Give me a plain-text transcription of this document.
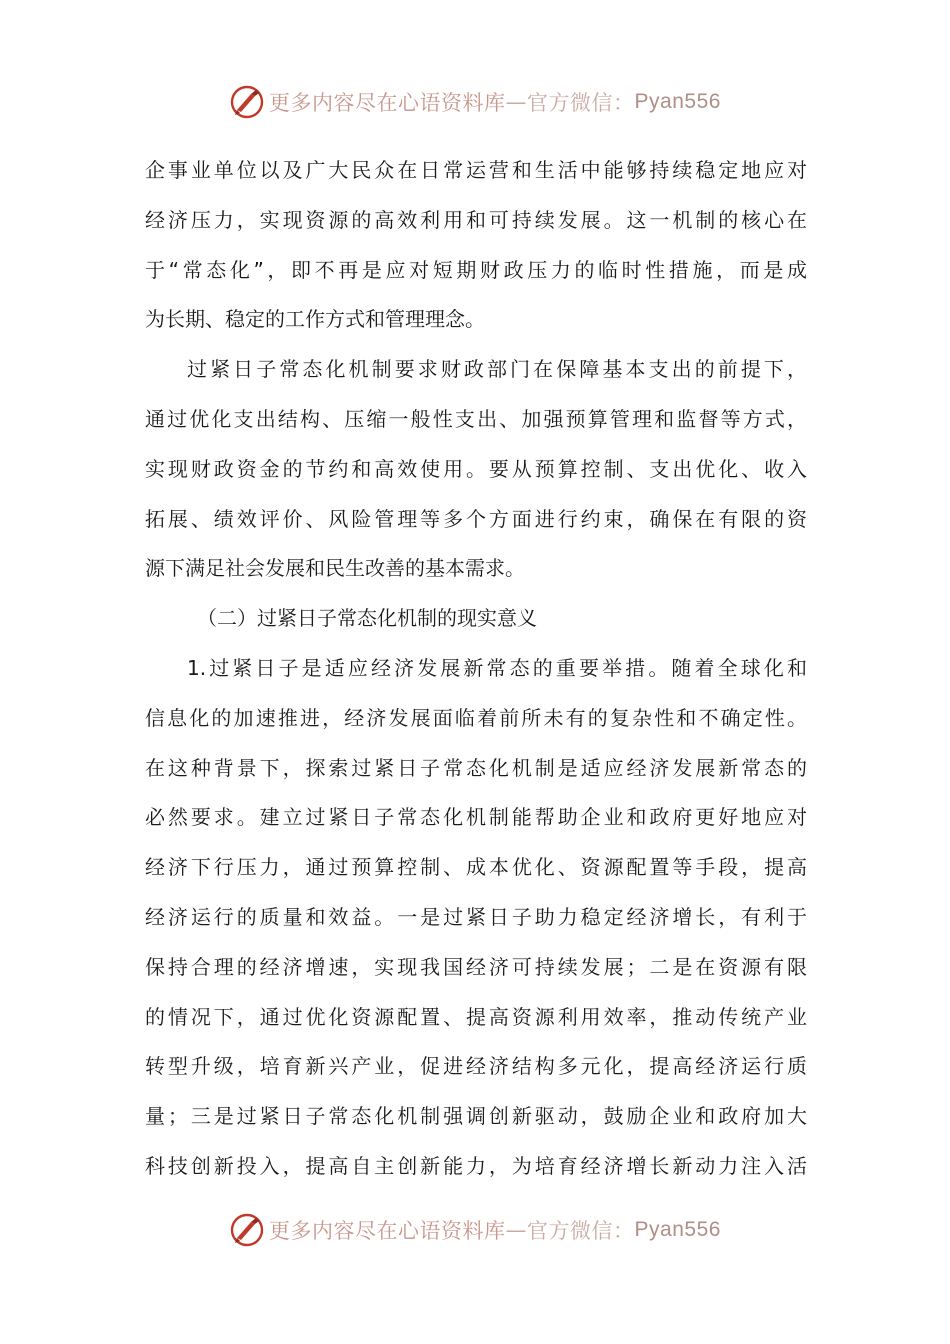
更多内容尽在心语资料库 — 官方微信： Pyan556
企事业单位以及广大民众在日常运营和生活中能够持续稳定地应对
经济压力，实现资源的高效利用和可持续发展。这一机制的核心在
于“常态化”，即不再是应对短期财政压力的临时性措施，而是成
为长期、稳定的工作方式和管理理念。
过紧日子常态化机制要求财政部门在保障基本支出的前提下，
通过优化支出结构、压缩一般性支出、加强预算管理和监督等方式，
实现财政资金的节约和高效使用。要从预算控制、支出优化、收入
拓展、绩效评价、风险管理等多个方面进行约束，确保在有限的资
源下满足社会发展和民生改善的基本需求。
（二）过紧日子常态化机制的现实意义
1.过紧日子是适应经济发展新常态的重要举措。随着全球化和
信息化的加速推进，经济发展面临着前所未有的复杂性和不确定性。
在这种背景下，探索过紧日子常态化机制是适应经济发展新常态的
必然要求。建立过紧日子常态化机制能帮助企业和政府更好地应对
经济下行压力，通过预算控制、成本优化、资源配置等手段，提高
经济运行的质量和效益。一是过紧日子助力稳定经济增长，有利于
保持合理的经济增速，实现我国经济可持续发展；二是在资源有限
的情况下，通过优化资源配置、提高资源利用效率，推动传统产业
转型升级，培育新兴产业，促进经济结构多元化，提高经济运行质
量；三是过紧日子常态化机制强调创新驱动，鼓励企业和政府加大
科技创新投入，提高自主创新能力，为培育经济增长新动力注入活
更多内容尽在心语资料库 — 官方微信： Pyan556
